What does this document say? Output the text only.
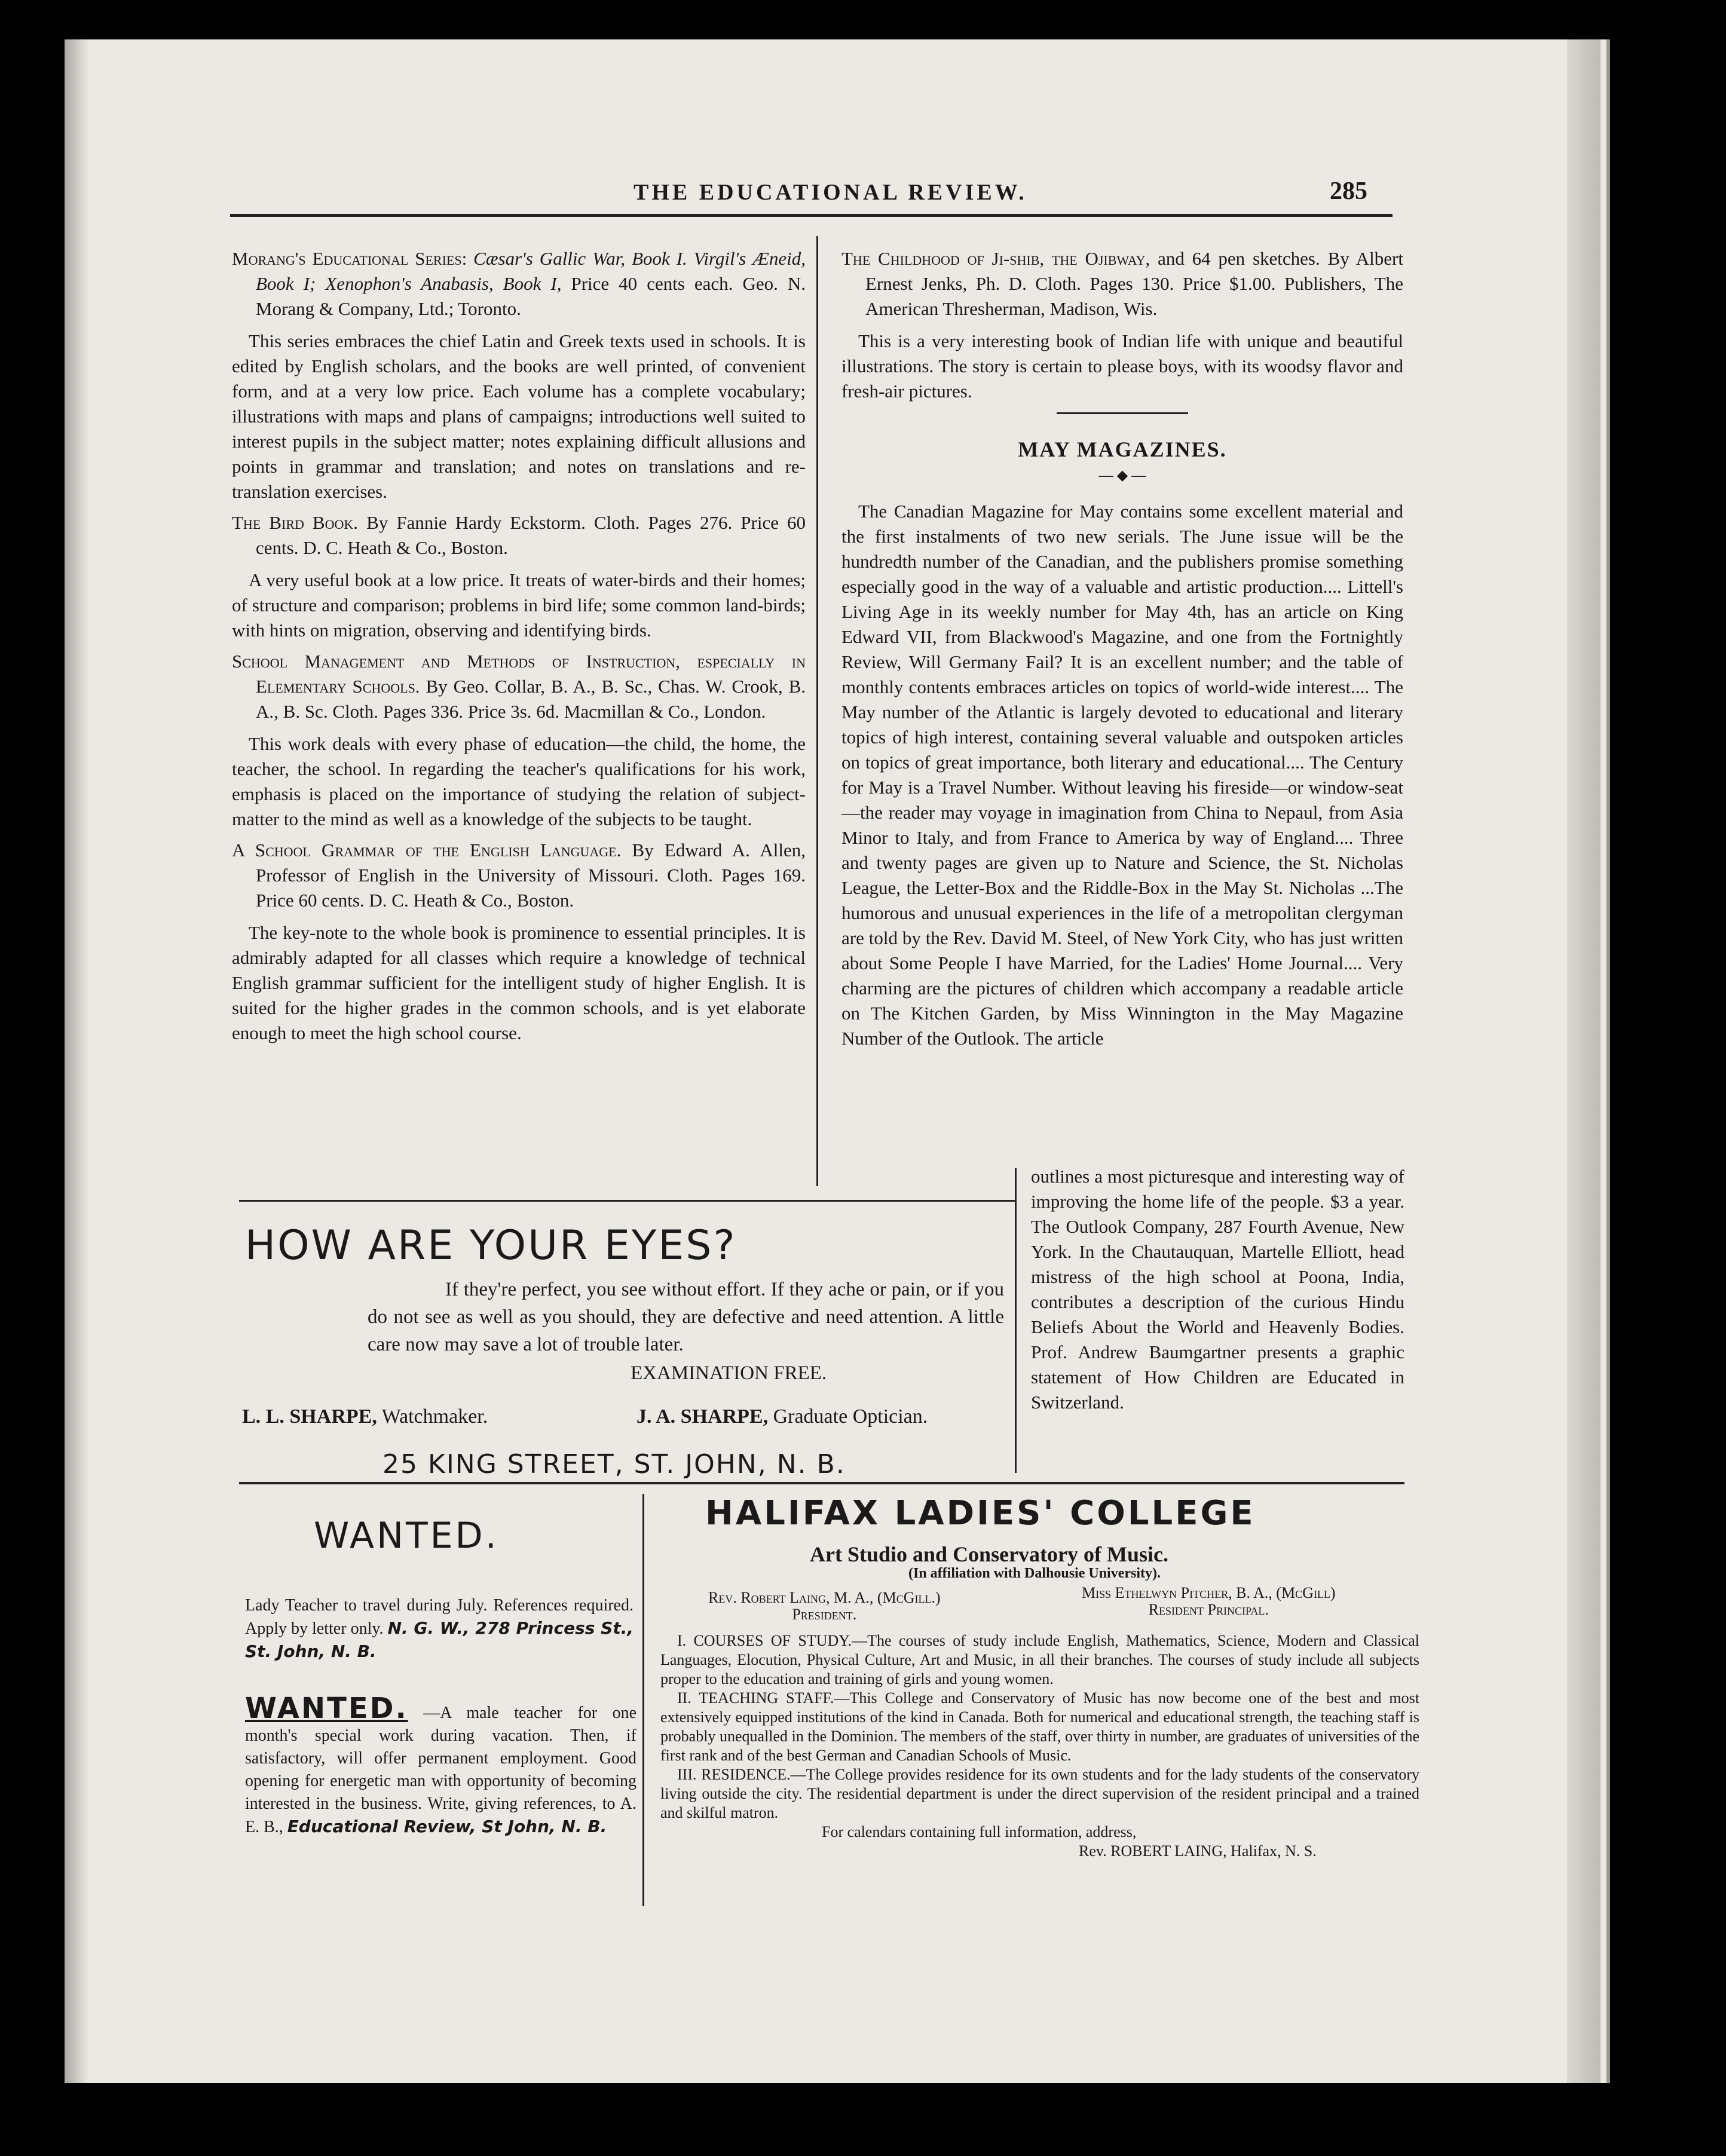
THE EDUCATIONAL REVIEW.	285
Morang's Educational Series: Cæsar's Gallic War, Book I. Virgil's Æneid, Book I; Xenophon's Anabasis, Book I, Price 40 cents each. Geo. N. Morang & Company, Ltd.; Toronto.

This series embraces the chief Latin and Greek texts used in schools. It is edited by English scholars, and the books are well printed, of convenient form, and at a very low price. Each volume has a complete vocabulary; illustrations with maps and plans of campaigns; introductions well suited to interest pupils in the subject matter; notes explaining difficult allusions and points in grammar and translation; and notes on translations and re-translation exercises.

The Bird Book. By Fannie Hardy Eckstorm. Cloth. Pages 276. Price 60 cents. D. C. Heath & Co., Boston.

A very useful book at a low price. It treats of water-birds and their homes; of structure and comparison; problems in bird life; some common land-birds; with hints on migration, observing and identifying birds.

School Management and Methods of Instruction, especially in Elementary Schools. By Geo. Collar, B. A., B. Sc., Chas. W. Crook, B. A., B. Sc. Cloth. Pages 336. Price 3s. 6d. Macmillan & Co., London.

This work deals with every phase of education—the child, the home, the teacher, the school. In regarding the teacher's qualifications for his work, emphasis is placed on the importance of studying the relation of subject-matter to the mind as well as a knowledge of the subjects to be taught.

A School Grammar of the English Language. By Edward A. Allen, Professor of English in the University of Missouri. Cloth. Pages 169. Price 60 cents. D. C. Heath & Co., Boston.

The key-note to the whole book is prominence to essential principles. It is admirably adapted for all classes which require a knowledge of technical English grammar sufficient for the intelligent study of higher English. It is suited for the higher grades in the common schools, and is yet elaborate enough to meet the high school course.

The Childhood of Ji-shib, the Ojibway, and 64 pen sketches. By Albert Ernest Jenks, Ph. D. Cloth. Pages 130. Price $1.00. Publishers, The American Thresherman, Madison, Wis.

This is a very interesting book of Indian life with unique and beautiful illustrations. The story is certain to please boys, with its woodsy flavor and fresh-air pictures.

MAY MAGAZINES.
— ◆ —

The Canadian Magazine for May contains some excellent material and the first instalments of two new serials. The June issue will be the hundredth number of the Canadian, and the publishers promise something especially good in the way of a valuable and artistic production.... Littell's Living Age in its weekly number for May 4th, has an article on King Edward VII, from Blackwood's Magazine, and one from the Fortnightly Review, Will Germany Fail? It is an excellent number; and the table of monthly contents embraces articles on topics of world-wide interest.... The May number of the Atlantic is largely devoted to educational and literary topics of high interest, containing several valuable and outspoken articles on topics of great importance, both literary and educational.... The Century for May is a Travel Number. Without leaving his fireside—or window-seat—the reader may voyage in imagination from China to Nepaul, from Asia Minor to Italy, and from France to America by way of England.... Three and twenty pages are given up to Nature and Science, the St. Nicholas League, the Letter-Box and the Riddle-Box in the May St. Nicholas ...The humorous and unusual experiences in the life of a metropolitan clergyman are told by the Rev. David M. Steel, of New York City, who has just written about Some People I have Married, for the Ladies' Home Journal.... Very charming are the pictures of children which accompany a readable article on The Kitchen Garden, by Miss Winnington in the May Magazine Number of the Outlook. The article

outlines a most picturesque and interesting way of improving the home life of the people. $3 a year. The Outlook Company, 287 Fourth Avenue, New York. In the Chautauquan, Martelle Elliott, head mistress of the high school at Poona, India, contributes a description of the curious Hindu Beliefs About the World and Heavenly Bodies. Prof. Andrew Baumgartner presents a graphic statement of How Children are Educated in Switzerland.
HOW ARE YOUR EYES?
If they're perfect, you see without effort. If they ache or pain, or if you do not see as well as you should, they are defective and need attention. A little care now may save a lot of trouble later.
EXAMINATION FREE.
L. L. SHARPE, Watchmaker.	J. A. SHARPE, Graduate Optician.
25 KING STREET, ST. JOHN, N. B.
WANTED.
Lady Teacher to travel during July. References required. Apply by letter only. N. G. W., 278 Princess St., St. John, N. B.
WANTED. —A male teacher for one month's special work during vacation. Then, if satisfactory, will offer permanent employment. Good opening for energetic man with opportunity of becoming interested in the business. Write, giving references, to A. E. B., Educational Review, St John, N. B.
HALIFAX LADIES' COLLEGE
Art Studio and Conservatory of Music.
(In affiliation with Dalhousie University).
Rev. Robert Laing, M. A., (McGill.)
President.
Miss Ethelwyn Pitcher, B. A., (McGill)
Resident Principal.
I. COURSES OF STUDY.—The courses of study include English, Mathematics, Science, Modern and Classical Languages, Elocution, Physical Culture, Art and Music, in all their branches. The courses of study include all subjects proper to the education and training of girls and young women.
II. TEACHING STAFF.—This College and Conservatory of Music has now become one of the best and most extensively equipped institutions of the kind in Canada. Both for numerical and educational strength, the teaching staff is probably unequalled in the Dominion. The members of the staff, over thirty in number, are graduates of universities of the first rank and of the best German and Canadian Schools of Music.
III. RESIDENCE.—The College provides residence for its own students and for the lady students of the conservatory living outside the city. The residential department is under the direct supervision of the resident principal and a trained and skilful matron.
For calendars containing full information, address,
Rev. ROBERT LAING, Halifax, N. S.
